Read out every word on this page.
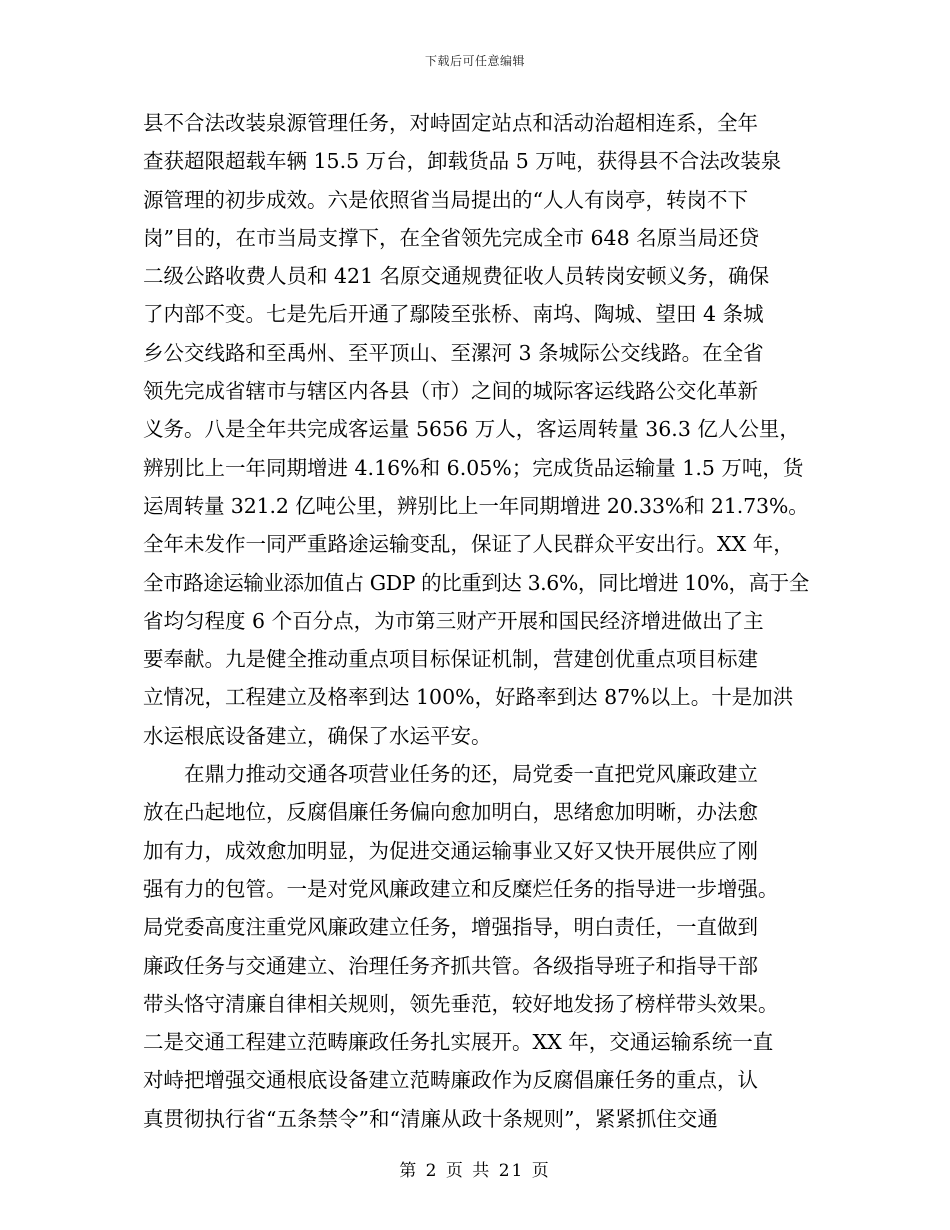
下载后可任意编辑
县不合法改装泉源管理任务，对峙固定站点和活动治超相连系，全年
查获超限超载车辆 15.5 万台，卸载货品 5 万吨，获得县不合法改装泉
源管理的初步成效。六是依照省当局提出的“人人有岗亭，转岗不下
岗”目的，在市当局支撑下，在全省领先完成全市 648 名原当局还贷
二级公路收费人员和 421 名原交通规费征收人员转岗安顿义务，确保
了内部不变。七是先后开通了鄢陵至张桥、南坞、陶城、望田 4 条城
乡公交线路和至禹州、至平顶山、至漯河 3 条城际公交线路。在全省
领先完成省辖市与辖区内各县（市）之间的城际客运线路公交化革新
义务。八是全年共完成客运量 5656 万人，客运周转量 36.3 亿人公里，
辨别比上一年同期增进 4.16%和 6.05%；完成货品运输量 1.5 万吨，货
运周转量 321.2 亿吨公里，辨别比上一年同期增进 20.33%和 21.73%。
全年未发作一同严重路途运输变乱，保证了人民群众平安出行。XX 年，
全市路途运输业添加值占 GDP 的比重到达 3.6%，同比增进 10%，高于全
省均匀程度 6 个百分点，为市第三财产开展和国民经济增进做出了主
要奉献。九是健全推动重点项目标保证机制，营建创优重点项目标建
立情况，工程建立及格率到达 100%，好路率到达 87%以上。十是加洪
水运根底设备建立，确保了水运平安。
　　在鼎力推动交通各项营业任务的还，局党委一直把党风廉政建立
放在凸起地位，反腐倡廉任务偏向愈加明白，思绪愈加明晰，办法愈
加有力，成效愈加明显，为促进交通运输事业又好又快开展供应了刚
强有力的包管。一是对党风廉政建立和反糜烂任务的指导进一步增强。
局党委高度注重党风廉政建立任务，增强指导，明白责任，一直做到
廉政任务与交通建立、治理任务齐抓共管。各级指导班子和指导干部
带头恪守清廉自律相关规则，领先垂范，较好地发扬了榜样带头效果。
二是交通工程建立范畴廉政任务扎实展开。XX 年，交通运输系统一直
对峙把增强交通根底设备建立范畴廉政作为反腐倡廉任务的重点，认
真贯彻执行省“五条禁令”和“清廉从政十条规则”，紧紧抓住交通
第 2 页 共 21 页
